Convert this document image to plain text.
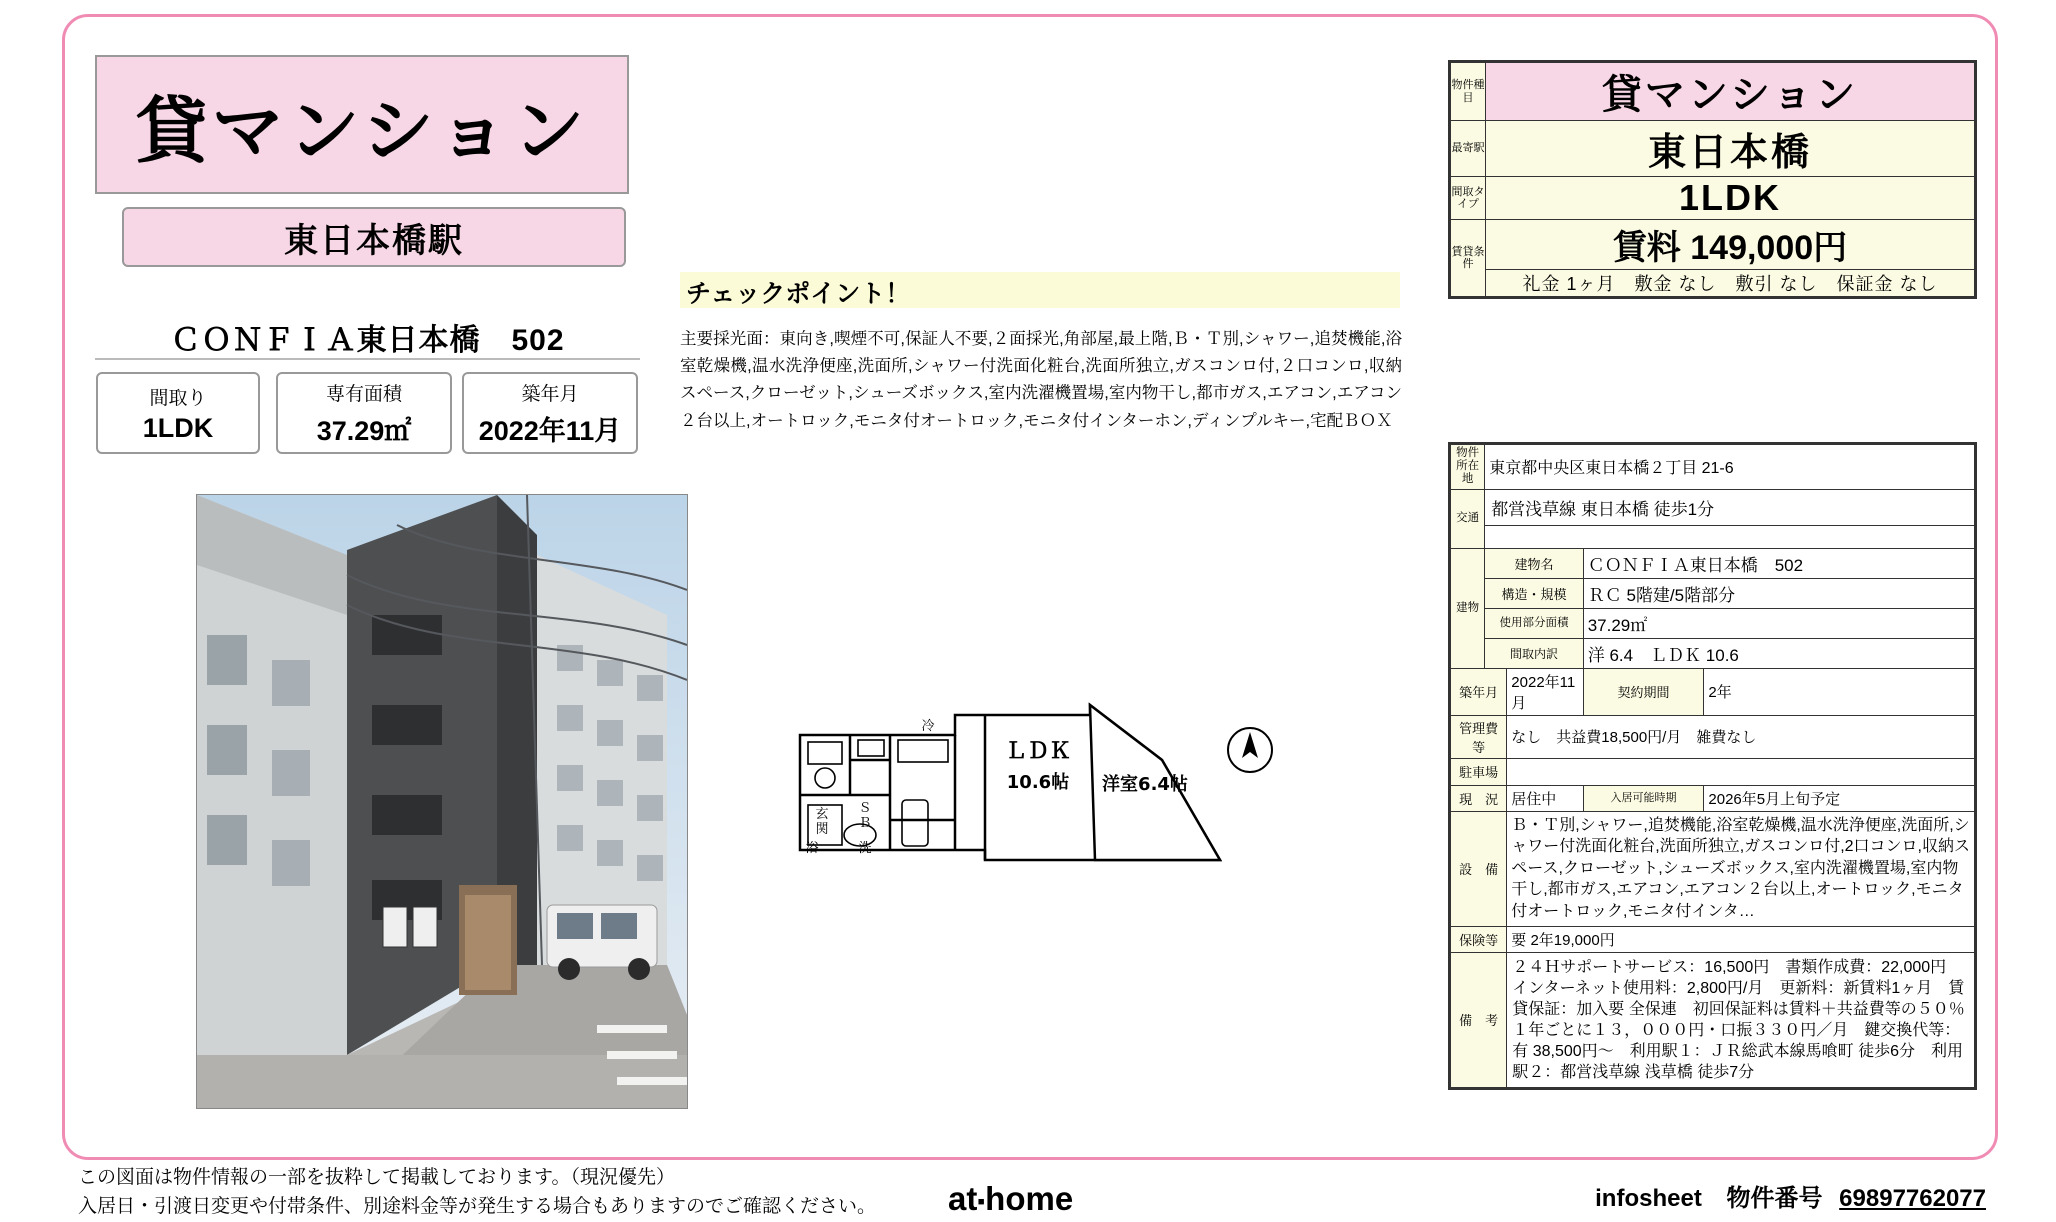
貸マンション
東日本橋駅
ＣＯＮＦＩＡ東日本橋　502
間取り
1LDK
専有面積
37.29㎡
築年月
2022年11月
チェックポイント！
主要採光面：東向き,喫煙不可,保証人不要,２面採光,角部屋,最上階,Ｂ・Ｔ別,シャワー,追焚機能,浴室乾燥機,温水洗浄便座,洗面所,シャワー付洗面化粧台,洗面所独立,ガスコンロ付,２口コンロ,収納スペース,クローゼット,シューズボックス,室内洗濯機置場,室内物干し,都市ガス,エアコン,エアコン２台以上,オートロック,モニタ付オートロック,モニタ付インターホン,ディンプルキー,宅配ＢＯＸ
冷
玄
関
Ｓ
Ｂ
洗
浴
ＬＤＫ
10.6帖 洋室6.4帖
物件種目	貸マンション
最寄駅	東日本橋
間取タイプ	1LDK
賃貸条件	賃料 149,000円
	礼金 1ヶ月　敷金 なし　敷引 なし　保証金 なし
物件所在地	東京都中央区東日本橋２丁目 21-6			
交通	都営浅草線 東日本橋 徒歩1分			

建物	建物名		ＣＯＮＦＩＡ東日本橋　502	
	構造・規模		ＲＣ 5階建/5階部分	
	使用部分面積		37.29㎡	
	間取内訳		洋 6.4　ＬＤＫ 10.6	
築年月		2022年11月	契約期間	2年
管理費等		なし　共益費18,500円/月　雑費なし		
駐車場				
現　況		居住中	入居可能時期	2026年5月上旬予定
設　備		Ｂ・Ｔ別,シャワー,追焚機能,浴室乾燥機,温水洗浄便座,洗面所,シャワー付洗面化粧台,洗面所独立,ガスコンロ付,2口コンロ,収納スペース,クローゼット,シューズボックス,室内洗濯機置場,室内物干し,都市ガス,エアコン,エアコン２台以上,オートロック,モニタ付オートロック,モニタ付インタ…		
保険等		要 2年19,000円		
備　考		２４Ｈサポートサービス：16,500円　書類作成費：22,000円　インターネット使用料：2,800円/月　更新料：新賃料1ヶ月　賃貸保証：加入要 全保連　初回保証料は賃料＋共益費等の５０％　１年ごとに１３，０００円・口振３３０円／月　鍵交換代等：有 38,500円〜　利用駅１：ＪＲ総武本線馬喰町 徒歩6分　利用駅２：都営浅草線 浅草橋 徒歩7分		
この図面は物件情報の一部を抜粋して掲載しております。（現況優先）
入居日・引渡日変更や付帯条件、別途料金等が発生する場合もありますのでご確認ください。 at▪home	infosheet 物件番号 69897762077
